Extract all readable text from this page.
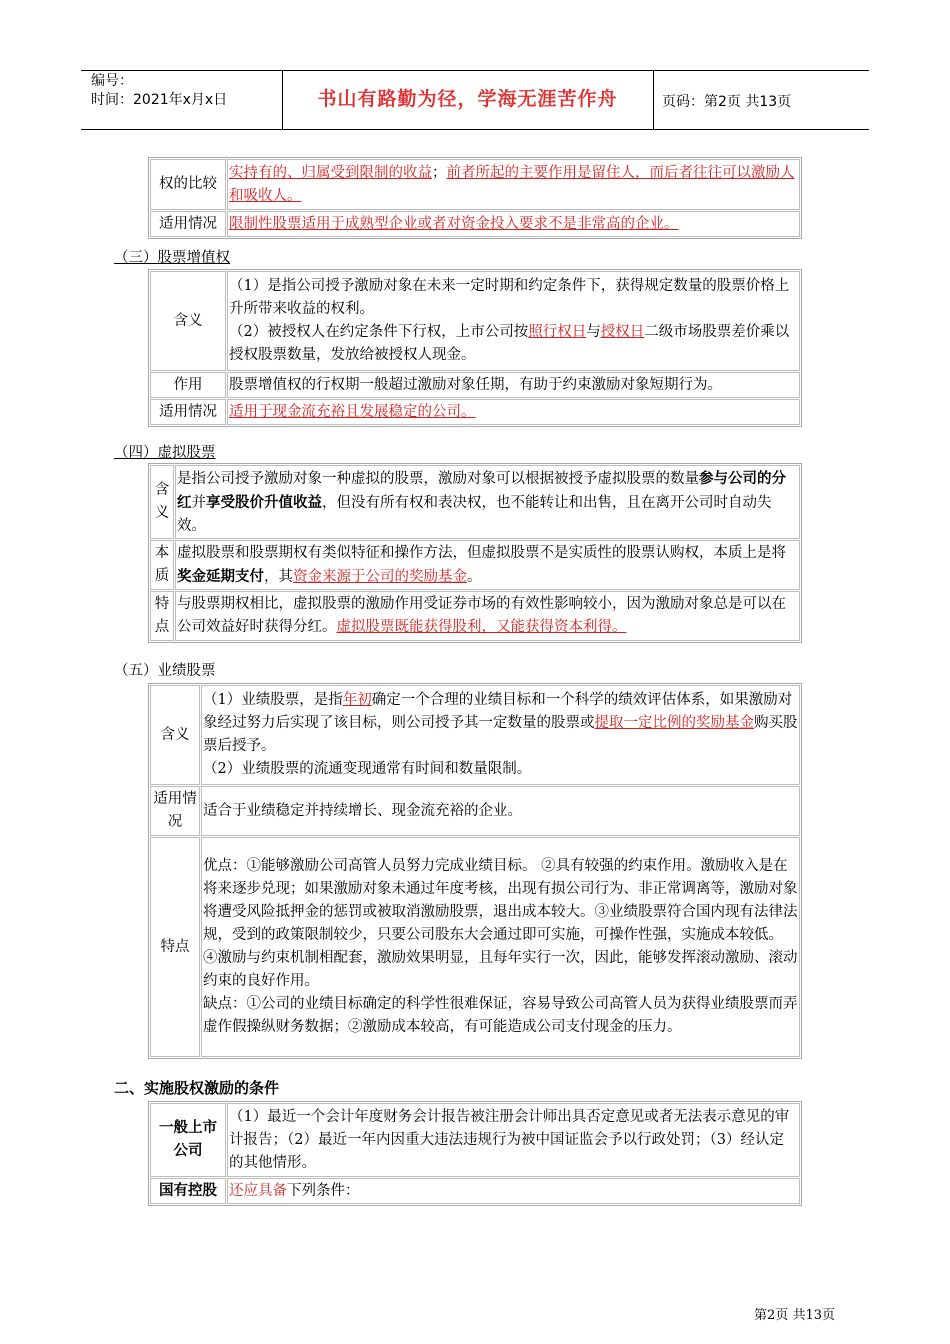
编号：
时间：2021年x月x日	书山有路勤为径，学海无涯苦作舟	页码：第2页 共13页
权的比较	实持有的、归属受到限制的收益；前者所起的主要作用是留住人，而后者往往可以激励人和吸收人。
适用情况	限制性股票适用于成熟型企业或者对资金投入要求不是非常高的企业。
（三）股票增值权
含义	（1）是指公司授予激励对象在未来一定时期和约定条件下，获得规定数量的股票价格上升所带来收益的权利。
（2）被授权人在约定条件下行权，上市公司按照行权日与授权日二级市场股票差价乘以授权股票数量，发放给被授权人现金。

作用	股票增值权的行权期一般超过激励对象任期，有助于约束激励对象短期行为。
适用情况	适用于现金流充裕且发展稳定的公司。
（四）虚拟股票
含义	是指公司授予激励对象一种虚拟的股票，激励对象可以根据被授予虚拟股票的数量参与公司的分红并享受股价升值收益，但没有所有权和表决权，也不能转让和出售，且在离开公司时自动失效。
本质	虚拟股票和股票期权有类似特征和操作方法，但虚拟股票不是实质性的股票认购权，本质上是将奖金延期支付，其资金来源于公司的奖励基金。
特点	与股票期权相比，虚拟股票的激励作用受证券市场的有效性影响较小，因为激励对象总是可以在公司效益好时获得分红。虚拟股票既能获得股利，又能获得资本利得。
（五）业绩股票
含义	（1）业绩股票，是指年初确定一个合理的业绩目标和一个科学的绩效评估体系，如果激励对象经过努力后实现了该目标，则公司授予其一定数量的股票或提取一定比例的奖励基金购买股票后授予。
（2）业绩股票的流通变现通常有时间和数量限制。

适用情况	适合于业绩稳定并持续增长、现金流充裕的企业。
特点	优点：①能够激励公司高管人员努力完成业绩目标。 ②具有较强的约束作用。激励收入是在将来逐步兑现；如果激励对象未通过年度考核，出现有损公司行为、非正常调离等，激励对象将遭受风险抵押金的惩罚或被取消激励股票，退出成本较大。③业绩股票符合国内现有法律法规，受到的政策限制较少，只要公司股东大会通过即可实施，可操作性强，实施成本较低。 ④激励与约束机制相配套，激励效果明显，且每年实行一次，因此，能够发挥滚动激励、滚动约束的良好作用。
缺点：①公司的业绩目标确定的科学性很难保证，容易导致公司高管人员为获得业绩股票而弄虚作假操纵财务数据；②激励成本较高，有可能造成公司支付现金的压力。
二、实施股权激励的条件
一般上市公司	（1）最近一个会计年度财务会计报告被注册会计师出具否定意见或者无法表示意见的审计报告；（2）最近一年内因重大违法违规行为被中国证监会予以行政处罚；（3）经认定的其他情形。
国有控股	还应具备下列条件：
第2页 共13页
